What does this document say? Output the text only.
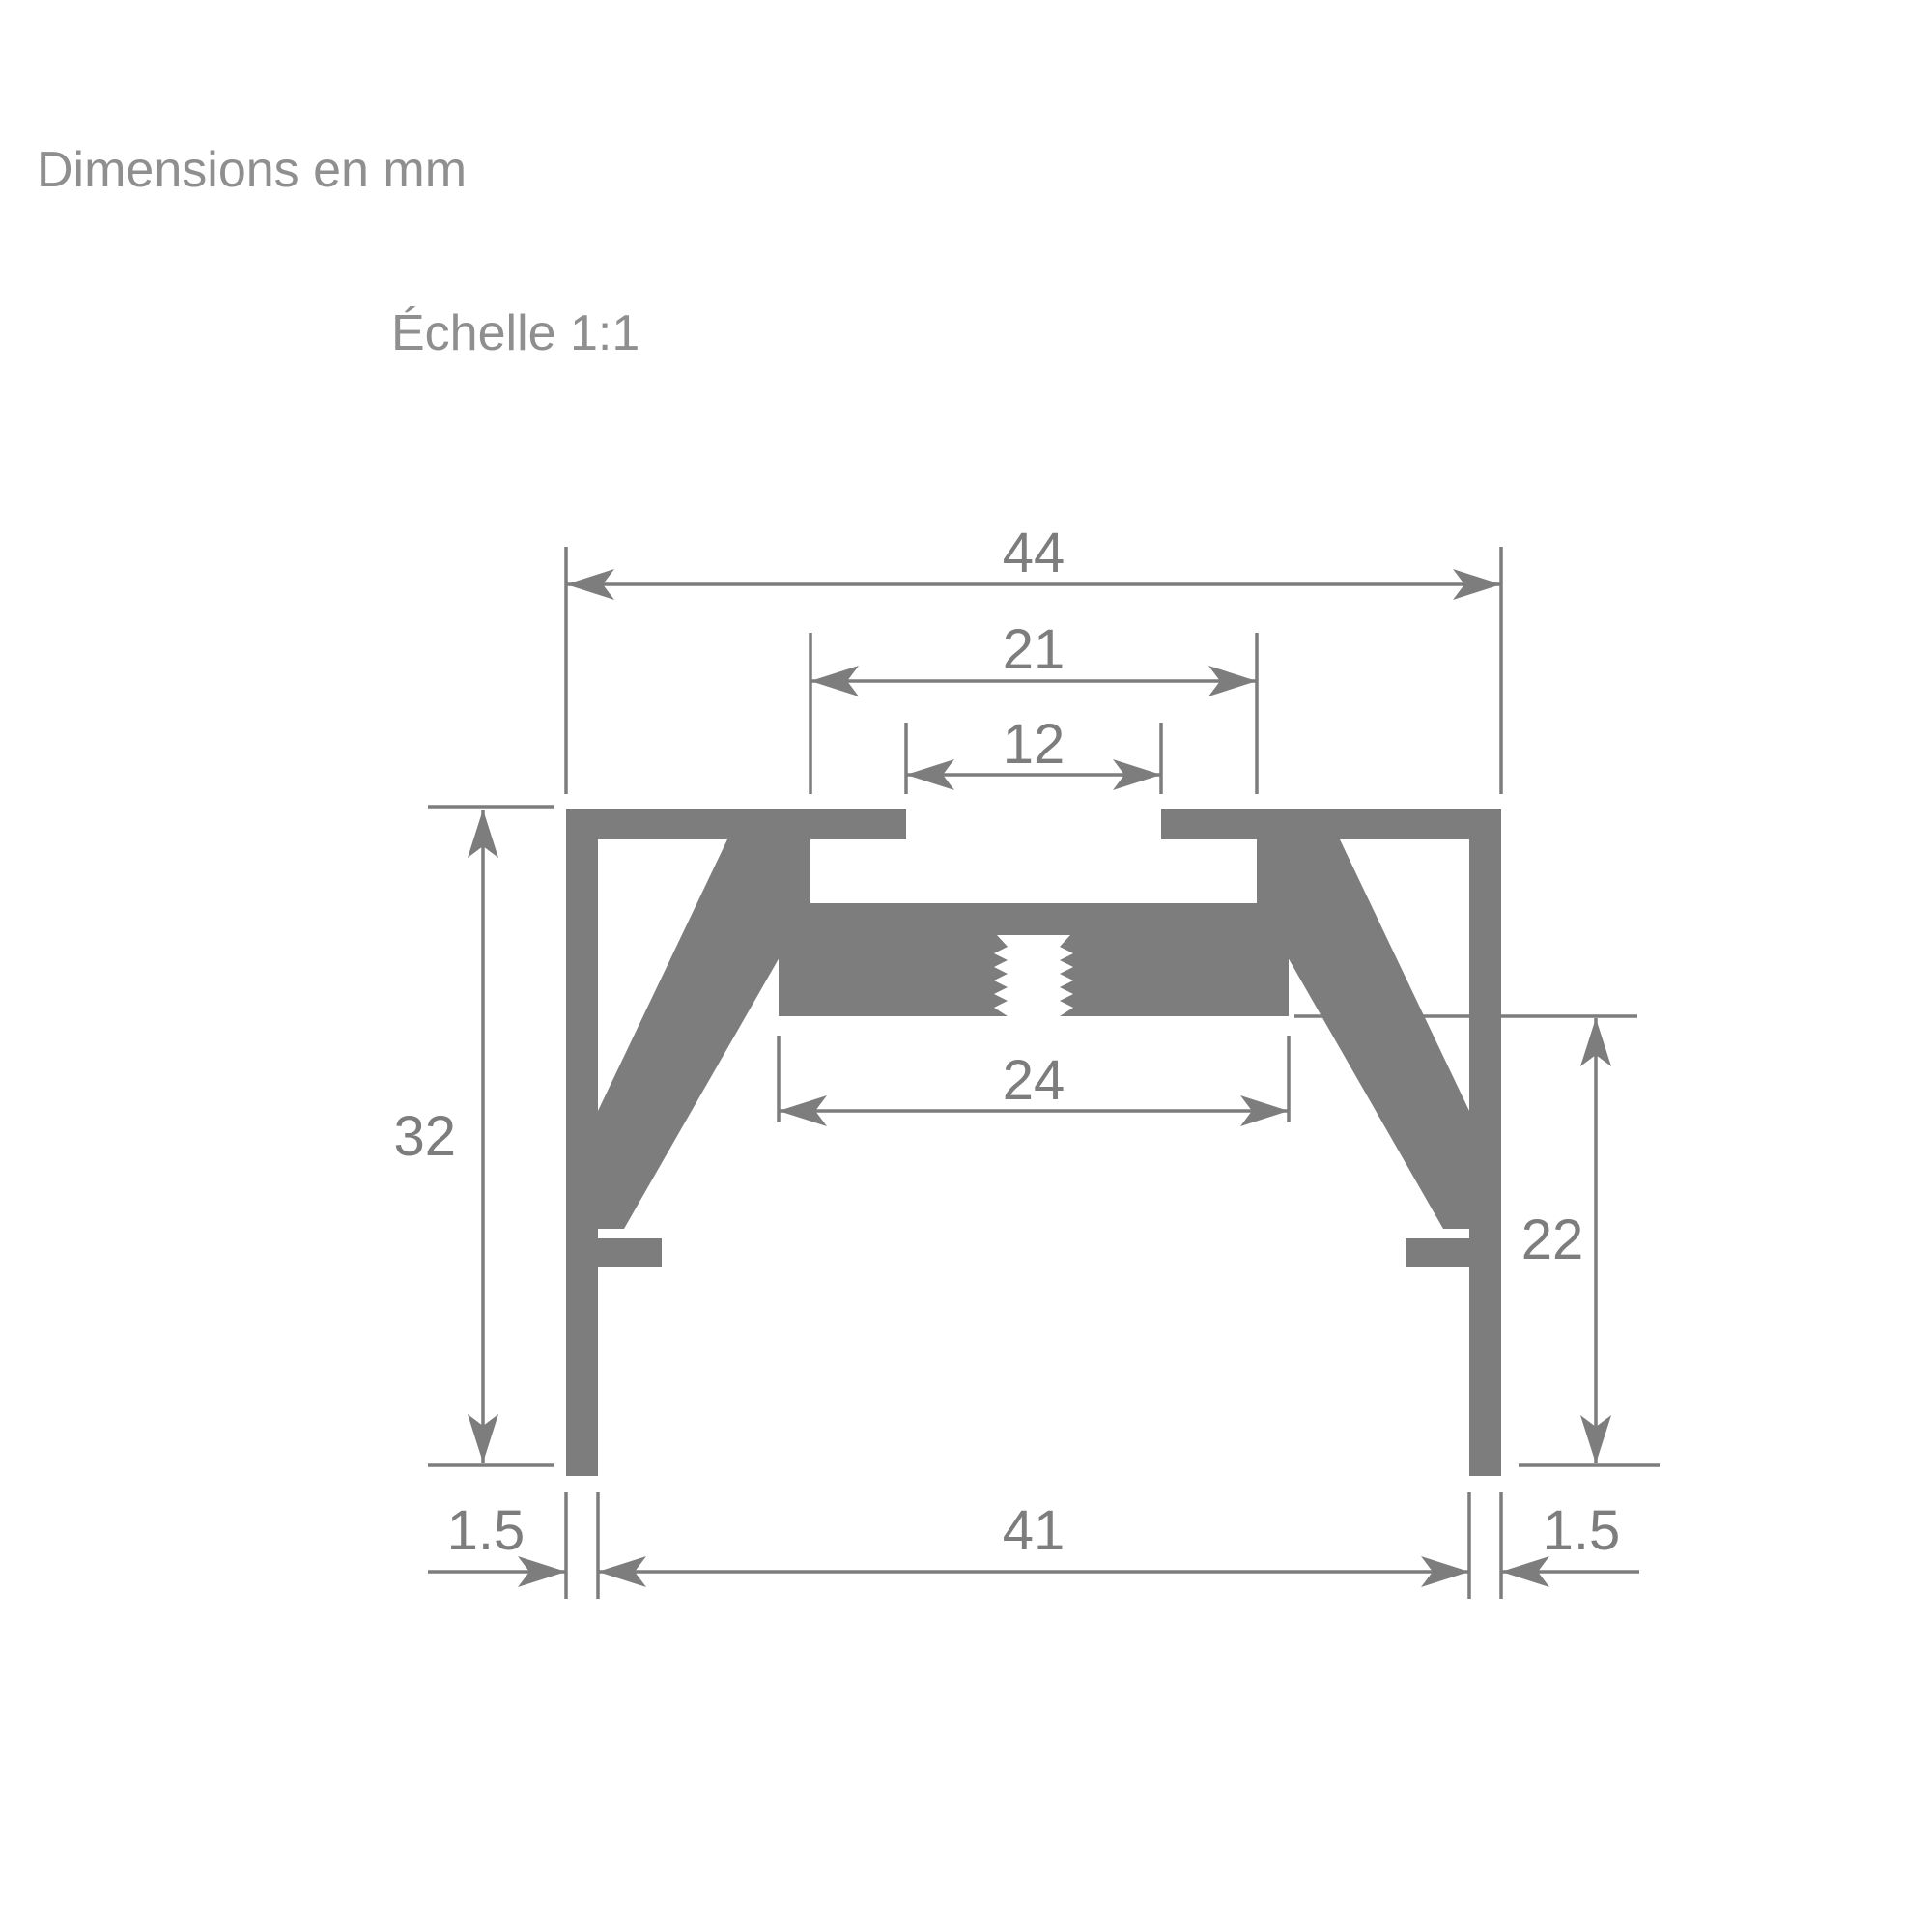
Dimensions en mm
Échelle 1:1
44
21
12
24
32
22
1.5	41	1.5
